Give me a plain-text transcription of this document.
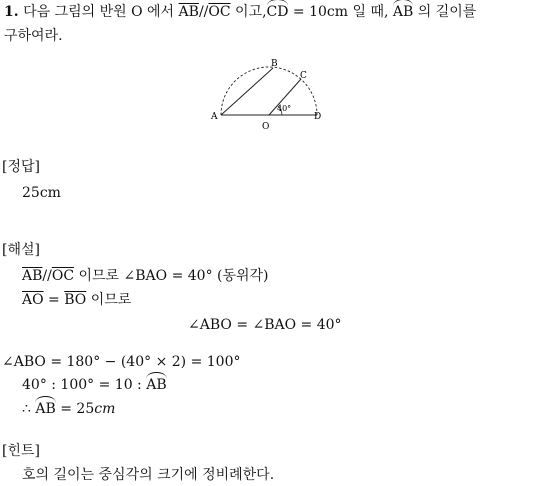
1. 다음 그림의 반원 O 에서 $\overline{AB}//\overline{OC}$ 이고,CD = 10cm 일 때, AB 의 길이를
구하여라.
A
B
C
O
D
40°
[정답]
25cm
[해설]
$\overline{AB}//\overline{OC}$ 이므로 ∠BAO = 40° (동위각)
$\overline{AO} = \overline{BO}$ 이므로
∠ABO = ∠BAO = 40°
∠ABO = 180° − (40° × 2) = 100°
40° : 100° = 10 : AB
∴ AB = 25cm
[힌트]
호의 길이는 중심각의 크기에 정비례한다.
